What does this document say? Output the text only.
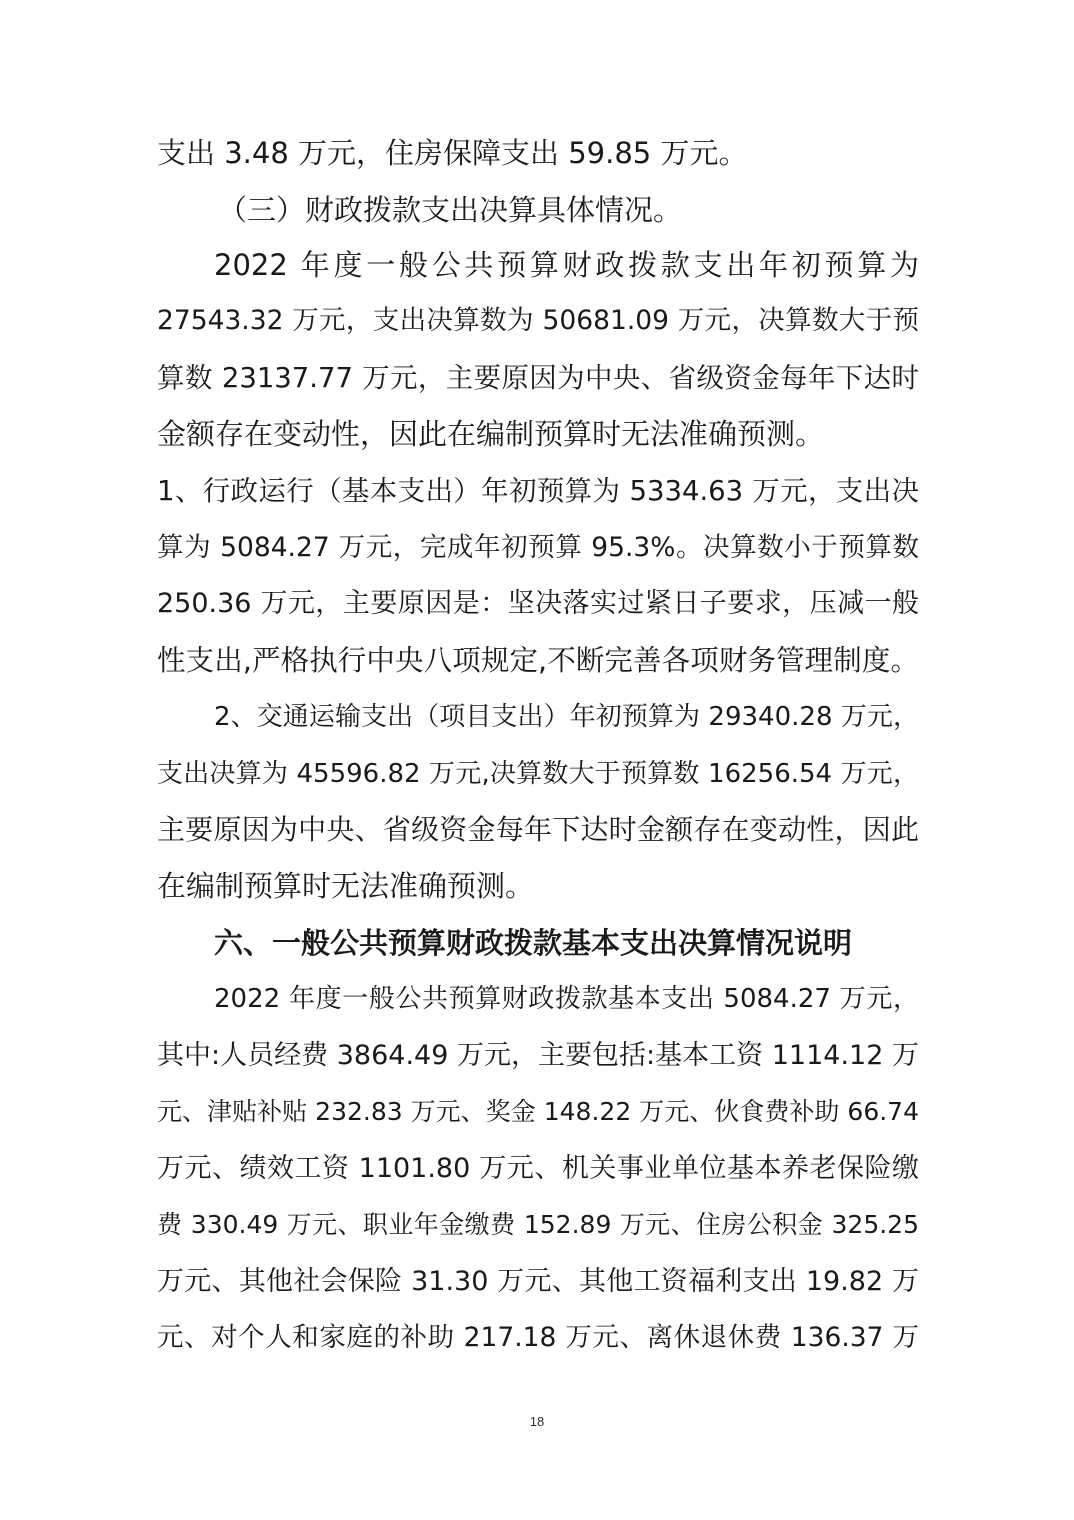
支出 3.48 万元，住房保障支出 59.85 万元。
（三）财政拨款支出决算具体情况。
2022 年度一般公共预算财政拨款支出年初预算为
27543.32 万元，支出决算数为 50681.09 万元，决算数大于预
算数 23137.77 万元，主要原因为中央、省级资金每年下达时
金额存在变动性，因此在编制预算时无法准确预测。
1、行政运行（基本支出）年初预算为 5334.63 万元，支出决
算为 5084.27 万元，完成年初预算 95.3%。决算数小于预算数
250.36 万元，主要原因是：坚决落实过紧日子要求，压减一般
性支出,严格执行中央八项规定,不断完善各项财务管理制度。
2、交通运输支出（项目支出）年初预算为 29340.28 万元，
支出决算为 45596.82 万元,决算数大于预算数 16256.54 万元，
主要原因为中央、省级资金每年下达时金额存在变动性，因此
在编制预算时无法准确预测。
六、一般公共预算财政拨款基本支出决算情况说明
2022 年度一般公共预算财政拨款基本支出 5084.27 万元，
其中:人员经费 3864.49 万元，主要包括:基本工资 1114.12 万
元、津贴补贴 232.83 万元、奖金 148.22 万元、伙食费补助 66.74
万元、绩效工资 1101.80 万元、机关事业单位基本养老保险缴
费 330.49 万元、职业年金缴费 152.89 万元、住房公积金 325.25
万元、其他社会保险 31.30 万元、其他工资福利支出 19.82 万
元、对个人和家庭的补助 217.18 万元、离休退休费 136.37 万
18
